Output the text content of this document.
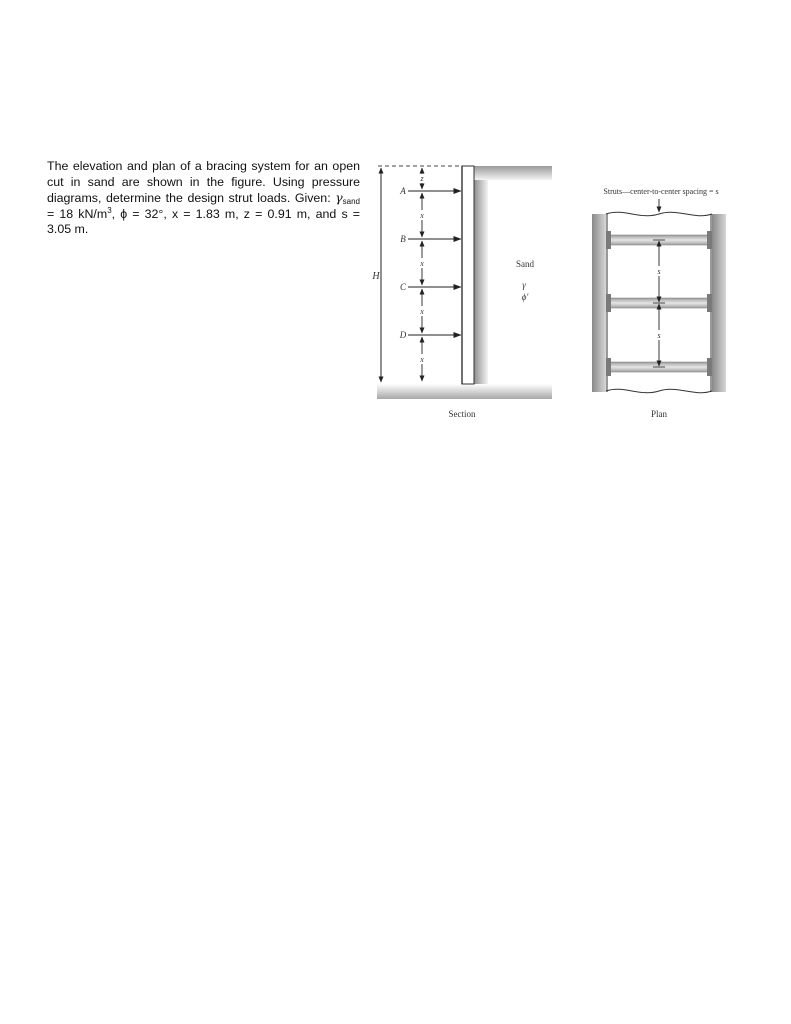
The elevation and plan of a bracing system for an open cut in sand are shown in the figure. Using pressure diagrams, determine the design strut loads. Given: $\gamma_{sand} = 18$ $kN/m^3$, ϕ = 32°, x = 1.83 m, z = 0.91 m, and s = 3.05 m.

H
z
x
x
x
x
A
B
C
D
Sand
γ
ϕ'
Section
Struts—center-to-center spacing = s
s
s
Plan
